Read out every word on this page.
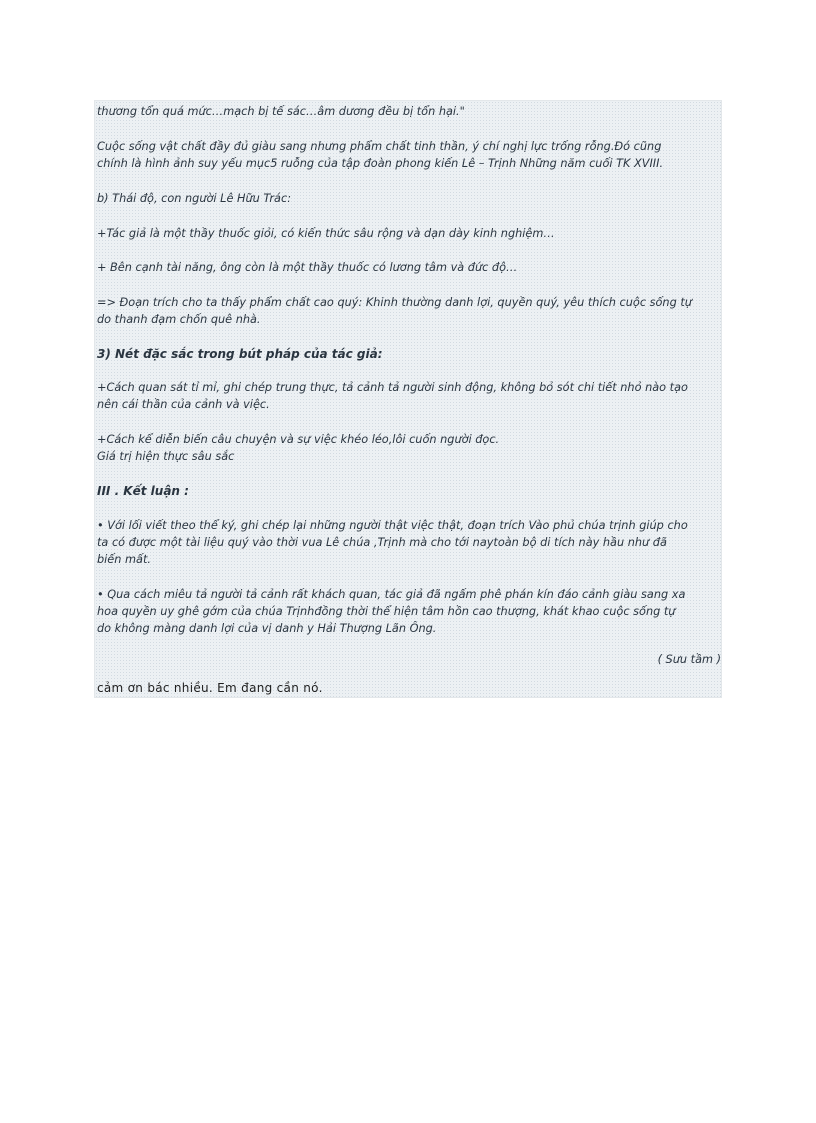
thương tổn quá mức…mạch bị tế sác…âm dương đều bị tổn hại."

Cuộc sống vật chất đầy đủ giàu sang nhưng phẩm chất tinh thần, ý chí nghị lực trống rỗng.Đó cũng
chính là hình ảnh suy yếu mục5 ruỗng của tập đoàn phong kiến Lê – Trịnh Những năm cuối TK XVIII.

b) Thái độ, con người Lê Hữu Trác:

+Tác giả là một thầy thuốc giỏi, có kiến thức sâu rộng và dạn dày kinh nghiệm…

+ Bên cạnh tài năng, ông còn là một thầy thuốc có lương tâm và đức độ…

=> Đoạn trích cho ta thấy phẩm chất cao quý: Khinh thường danh lợi, quyền quý, yêu thích cuộc sống tự
do thanh đạm chốn quê nhà.

3) Nét đặc sắc trong bút pháp của tác giả:

+Cách quan sát tỉ mỉ, ghi chép trung thực, tả cảnh tả người sinh động, không bỏ sót chi tiết nhỏ nào tạo
nên cái thần của cảnh và việc.

+Cách kể diễn biến câu chuyện và sự việc khéo léo,lôi cuốn người đọc.
Giá trị hiện thực sâu sắc

III . Kết luận :

• Với lối viết theo thể ký, ghi chép lại những người thật việc thật, đoạn trích Vào phủ chúa trịnh giúp cho
ta có được một tài liệu quý vào thời vua Lê chúa ,Trịnh mà cho tới naytoàn bộ di tích này hầu như đã
biến mất.

• Qua cách miêu tả người tả cảnh rất khách quan, tác giả đã ngấm phê phán kín đáo cảnh giàu sang xa
hoa quyền uy ghê gớm của chúa Trịnhđồng thời thể hiện tâm hồn cao thượng, khát khao cuộc sống tự
do không màng danh lợi của vị danh y Hải Thượng Lãn Ông.

( Sưu tầm )
cảm ơn bác nhiều. Em đang cần nó.
